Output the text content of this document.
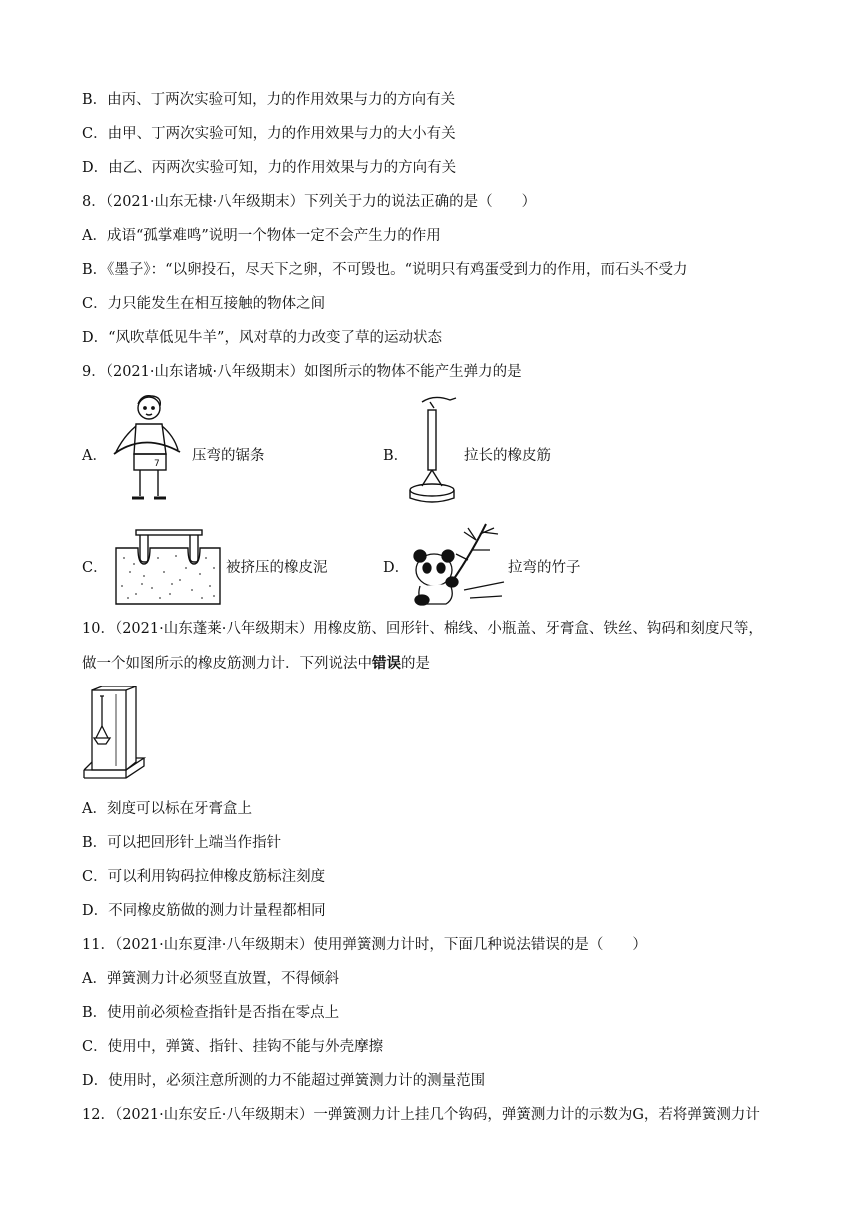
B．由丙、丁两次实验可知，力的作用效果与力的方向有关
C．由甲、丁两次实验可知，力的作用效果与力的大小有关
D．由乙、丙两次实验可知，力的作用效果与力的方向有关
8．（2021·山东无棣·八年级期末）下列关于力的说法正确的是（　　）
A．成语“孤掌难鸣”说明一个物体一定不会产生力的作用
B．《墨子》：“以卵投石，尽天下之卵，不可毁也。“说明只有鸡蛋受到力的作用，而石头不受力
C．力只能发生在相互接触的物体之间
D．“风吹草低见牛羊”，风对草的力改变了草的运动状态
9．（2021·山东诸城·八年级期末）如图所示的物体不能产生弹力的是
A．	7 压弯的锯条	B．	拉长的橡皮筋
C．	被挤压的橡皮泥	D．	拉弯的竹子
10．（2021·山东蓬莱·八年级期末）用橡皮筋、回形针、棉线、小瓶盖、牙膏盒、铁丝、钩码和刻度尺等，
做一个如图所示的橡皮筋测力计．下列说法中错误的是
A．刻度可以标在牙膏盒上
B．可以把回形针上端当作指针
C．可以利用钩码拉伸橡皮筋标注刻度
D．不同橡皮筋做的测力计量程都相同
11．（2021·山东夏津·八年级期末）使用弹簧测力计时，下面几种说法错误的是（　　）
A．弹簧测力计必须竖直放置，不得倾斜
B．使用前必须检查指针是否指在零点上
C．使用中，弹簧、指针、挂钩不能与外壳摩擦
D．使用时，必须注意所测的力不能超过弹簧测力计的测量范围
12．（2021·山东安丘·八年级期末）一弹簧测力计上挂几个钩码，弹簧测力计的示数为G，若将弹簧测力计
